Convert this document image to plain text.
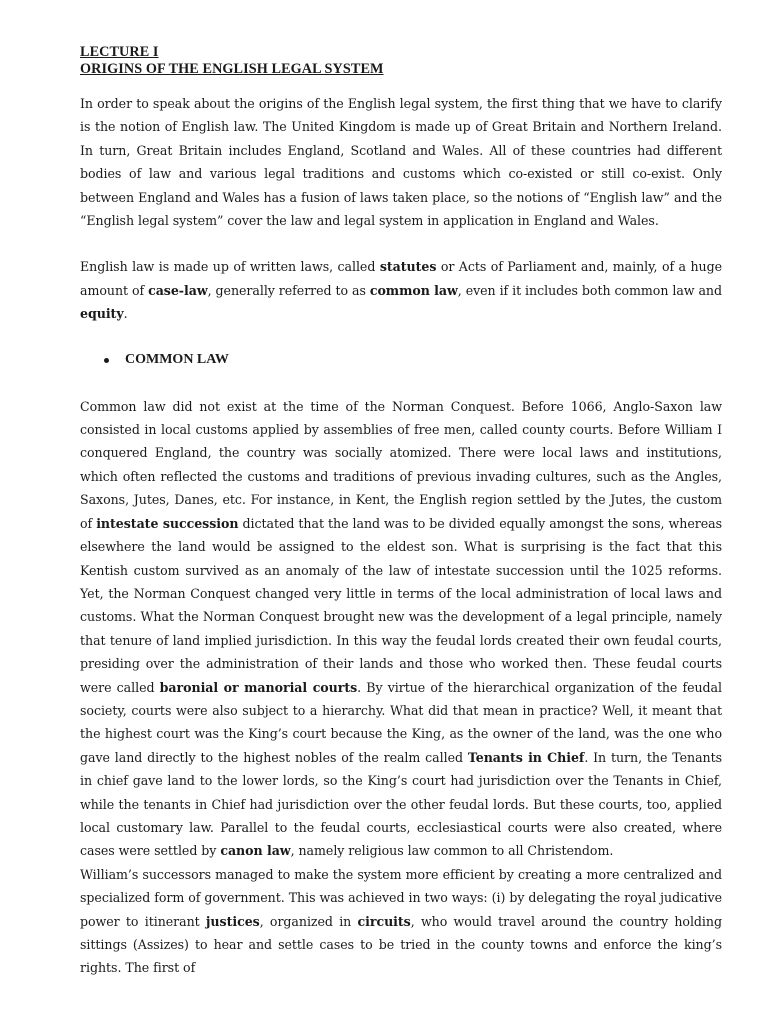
LECTURE I
ORIGINS OF THE ENGLISH LEGAL SYSTEM

In order to speak about the origins of the English legal system, the first thing that we have to clarify is the notion of English law. The United Kingdom is made up of Great Britain and Northern Ireland. In turn, Great Britain includes England, Scotland and Wales. All of these countries had different bodies of law and various legal traditions and customs which co-existed or still co-exist. Only between England and Wales has a fusion of laws taken place, so the notions of “English law” and the “English legal system” cover the law and legal system in application in England and Wales.

English law is made up of written laws, called statutes or Acts of Parliament and, mainly, of a huge amount of case-law, generally referred to as common law, even if it includes both common law and equity.

COMMON LAW

Common law did not exist at the time of the Norman Conquest. Before 1066, Anglo-Saxon law consisted in local customs applied by assemblies of free men, called county courts. Before William I conquered England, the country was socially atomized. There were local laws and institutions, which often reflected the customs and traditions of previous invading cultures, such as the Angles, Saxons, Jutes, Danes, etc. For instance, in Kent, the English region settled by the Jutes, the custom of intestate succession dictated that the land was to be divided equally amongst the sons, whereas elsewhere the land would be assigned to the eldest son. What is surprising is the fact that this Kentish custom survived as an anomaly of the law of intestate succession until the 1025 reforms. Yet, the Norman Conquest changed very little in terms of the local administration of local laws and customs. What the Norman Conquest brought new was the development of a legal principle, namely that tenure of land implied jurisdiction. In this way the feudal lords created their own feudal courts, presiding over the administration of their lands and those who worked then. These feudal courts were called baronial or manorial courts. By virtue of the hierarchical organization of the feudal society, courts were also subject to a hierarchy. What did that mean in practice? Well, it meant that the highest court was the King’s court because the King, as the owner of the land, was the one who gave land directly to the highest nobles of the realm called Tenants in Chief. In turn, the Tenants in chief gave land to the lower lords, so the King’s court had jurisdiction over the Tenants in Chief, while the tenants in Chief had jurisdiction over the other feudal lords. But these courts, too, applied local customary law. Parallel to the feudal courts, ecclesiastical courts were also created, where cases were settled by canon law, namely religious law common to all Christendom.

William’s successors managed to make the system more efficient by creating a more centralized and specialized form of government. This was achieved in two ways: (i) by delegating the royal judicative power to itinerant justices, organized in circuits, who would travel around the country holding sittings (Assizes) to hear and settle cases to be tried in the county towns and enforce the king’s rights. The first of
